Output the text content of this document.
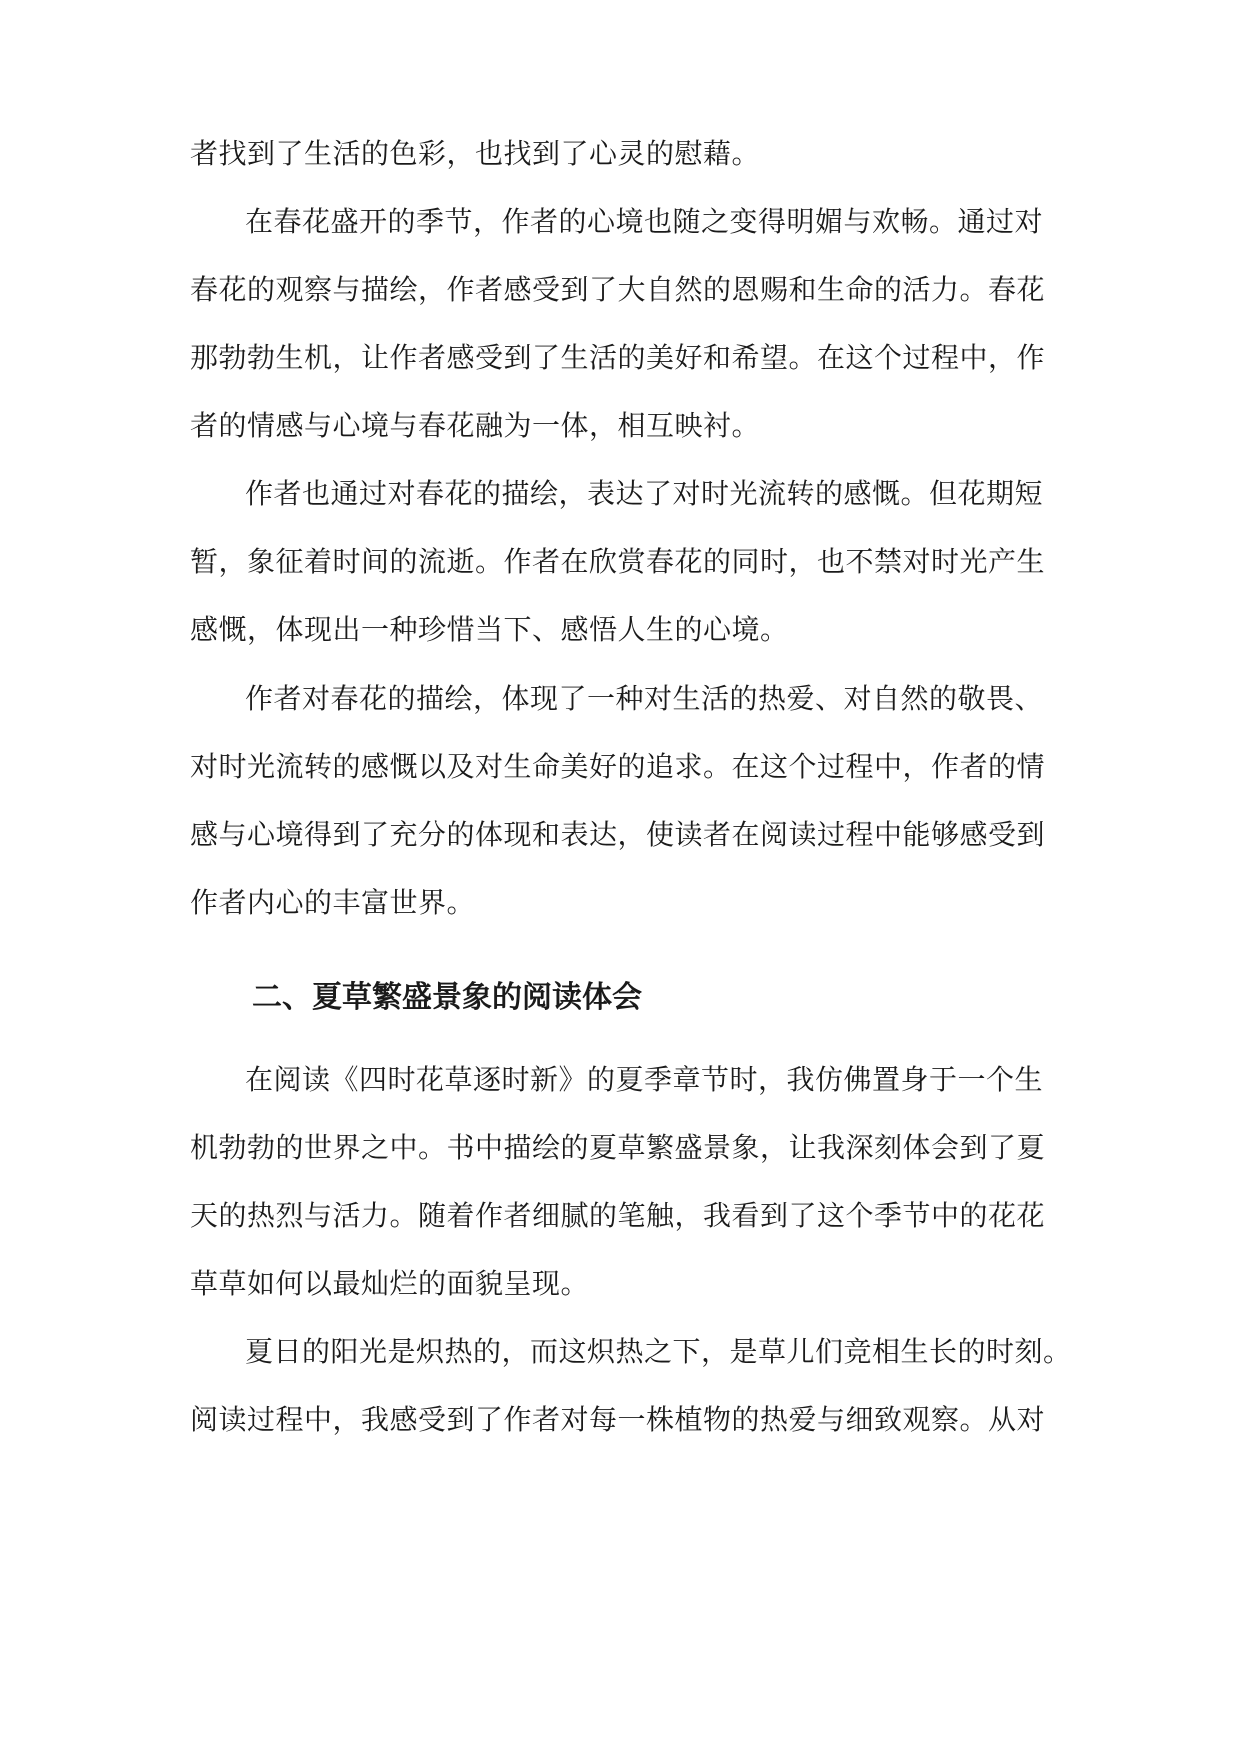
者找到了生活的色彩，也找到了心灵的慰藉。
在春花盛开的季节，作者的心境也随之变得明媚与欢畅。通过对
春花的观察与描绘，作者感受到了大自然的恩赐和生命的活力。春花
那勃勃生机，让作者感受到了生活的美好和希望。在这个过程中，作
者的情感与心境与春花融为一体，相互映衬。
作者也通过对春花的描绘，表达了对时光流转的感慨。但花期短
暂，象征着时间的流逝。作者在欣赏春花的同时，也不禁对时光产生
感慨，体现出一种珍惜当下、感悟人生的心境。
作者对春花的描绘，体现了一种对生活的热爱、对自然的敬畏、
对时光流转的感慨以及对生命美好的追求。在这个过程中，作者的情
感与心境得到了充分的体现和表达，使读者在阅读过程中能够感受到
作者内心的丰富世界。
二、夏草繁盛景象的阅读体会
在阅读《四时花草逐时新》的夏季章节时，我仿佛置身于一个生
机勃勃的世界之中。书中描绘的夏草繁盛景象，让我深刻体会到了夏
天的热烈与活力。随着作者细腻的笔触，我看到了这个季节中的花花
草草如何以最灿烂的面貌呈现。
夏日的阳光是炽热的，而这炽热之下，是草儿们竞相生长的时刻。
阅读过程中，我感受到了作者对每一株植物的热爱与细致观察。从对
